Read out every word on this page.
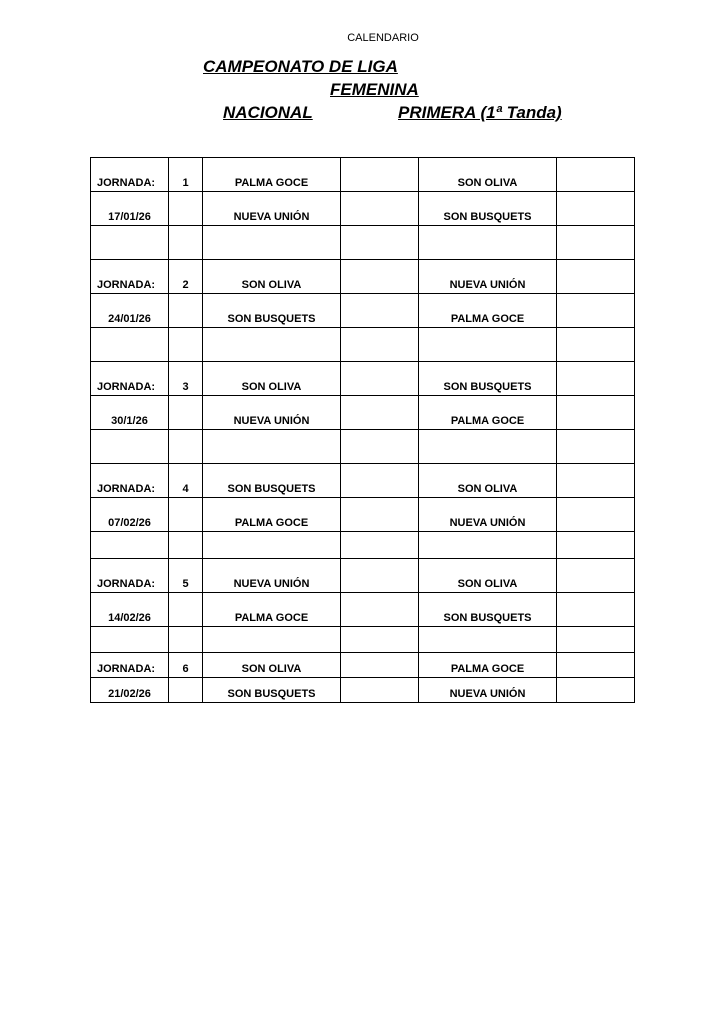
CALENDARIO
CAMPEONATO DE LIGA
FEMENINA
NACIONAL	PRIMERA (1ª Tanda)
JORNADA:	1	PALMA GOCE		SON OLIVA	
17/01/26		NUEVA UNIÓN		SON BUSQUETS	

JORNADA:	2	SON OLIVA		NUEVA UNIÓN	
24/01/26		SON BUSQUETS		PALMA GOCE	

JORNADA:	3	SON OLIVA		SON BUSQUETS	
30/1/26		NUEVA UNIÓN		PALMA GOCE	

JORNADA:	4	SON BUSQUETS		SON OLIVA	
07/02/26		PALMA GOCE		NUEVA UNIÓN	

JORNADA:	5	NUEVA UNIÓN		SON OLIVA	
14/02/26		PALMA GOCE		SON BUSQUETS	

JORNADA:	6	SON OLIVA		PALMA GOCE	
21/02/26		SON BUSQUETS		NUEVA UNIÓN	
